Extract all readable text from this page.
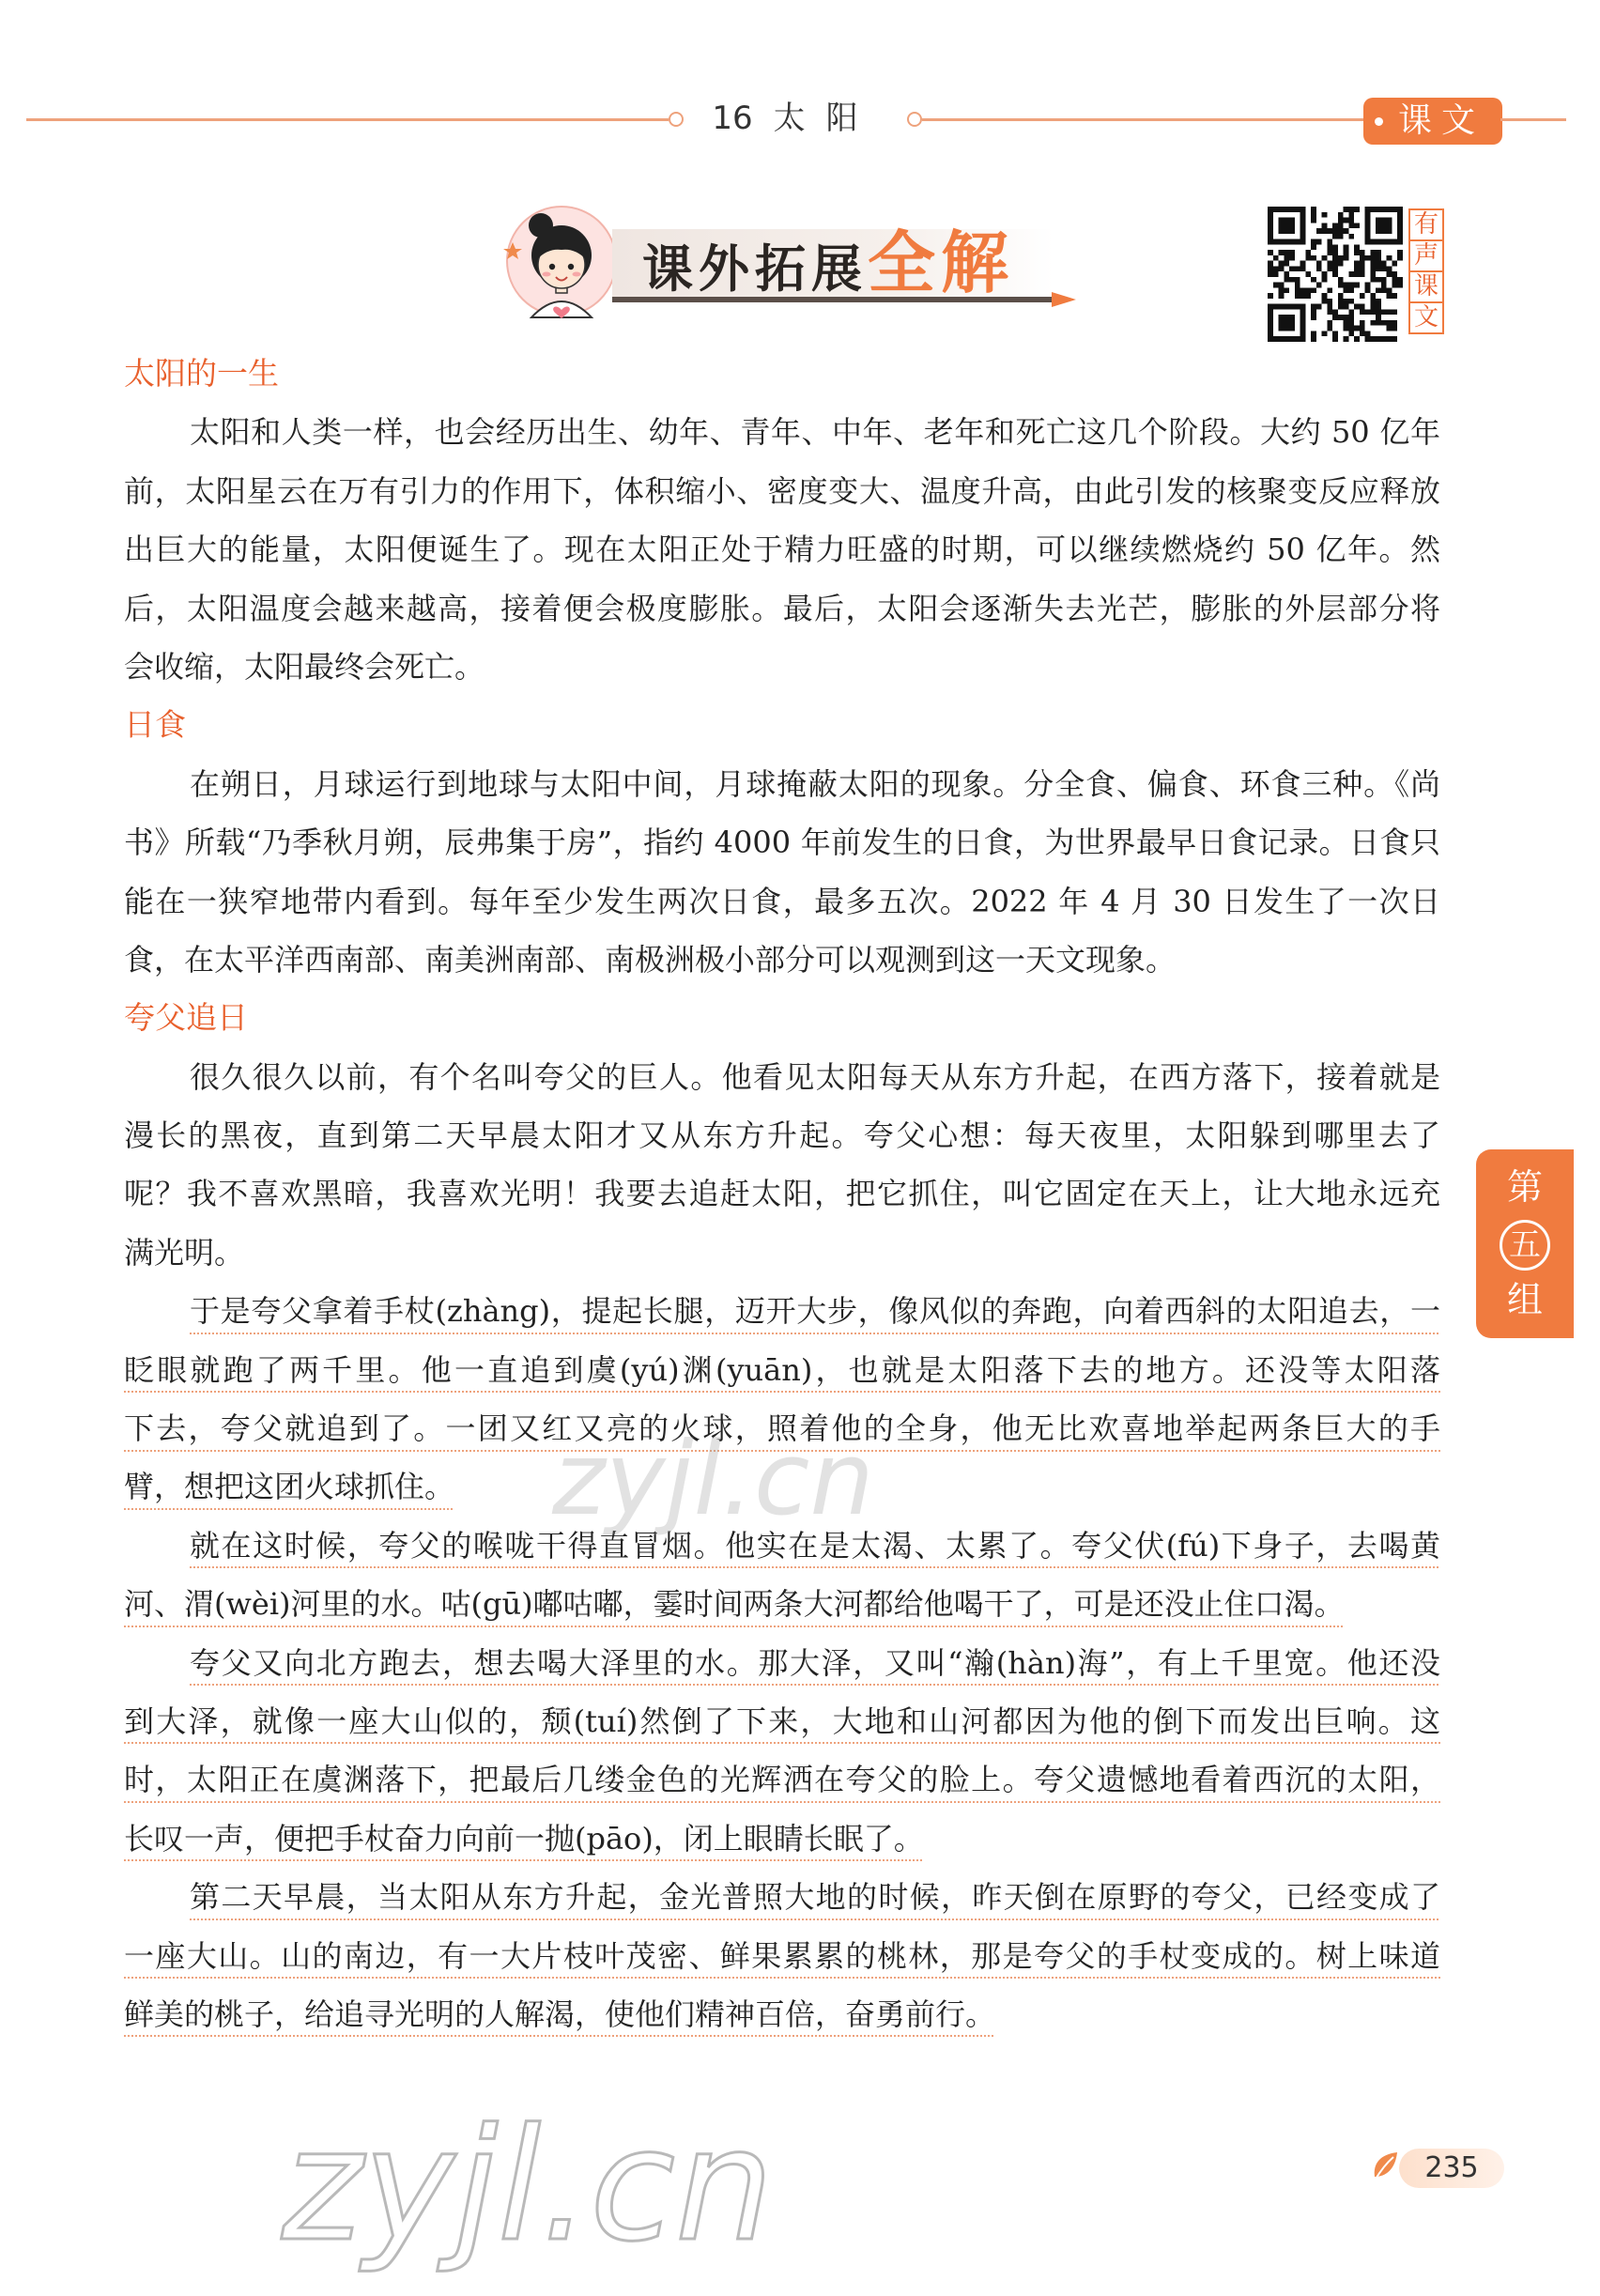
16 太阳	课文
课外拓展全解	有
声
课
文
太阳的一生
太阳和人类一样，也会经历出生、幼年、青年、中年、老年和死亡这几个阶段。大约 50 亿年
前，太阳星云在万有引力的作用下，体积缩小、密度变大、温度升高，由此引发的核聚变反应释放
出巨大的能量，太阳便诞生了。现在太阳正处于精力旺盛的时期，可以继续燃烧约 50 亿年。然
后，太阳温度会越来越高，接着便会极度膨胀。最后，太阳会逐渐失去光芒，膨胀的外层部分将
会收缩，太阳最终会死亡。
日食
在朔日，月球运行到地球与太阳中间，月球掩蔽太阳的现象。分全食、偏食、环食三种。《尚
书》所载“乃季秋月朔，辰弗集于房”，指约 4000 年前发生的日食，为世界最早日食记录。日食只
能在一狭窄地带内看到。每年至少发生两次日食，最多五次。2022 年 4 月 30 日发生了一次日
食，在太平洋西南部、南美洲南部、南极洲极小部分可以观测到这一天文现象。
夸父追日
很久很久以前，有个名叫夸父的巨人。他看见太阳每天从东方升起，在西方落下，接着就是
漫长的黑夜，直到第二天早晨太阳才又从东方升起。夸父心想：每天夜里，太阳躲到哪里去了
呢？我不喜欢黑暗，我喜欢光明！我要去追赶太阳，把它抓住，叫它固定在天上，让大地永远充
满光明。
于是夸父拿着手杖(zhàng)，提起长腿，迈开大步，像风似的奔跑，向着西斜的太阳追去，一
眨眼就跑了两千里。他一直追到虞(yú)渊(yuān)，也就是太阳落下去的地方。还没等太阳落
下去，夸父就追到了。一团又红又亮的火球，照着他的全身，他无比欢喜地举起两条巨大的手
臂，想把这团火球抓住。
就在这时候，夸父的喉咙干得直冒烟。他实在是太渴、太累了。夸父伏(fú)下身子，去喝黄
河、渭(wèi)河里的水。咕(gū)嘟咕嘟，霎时间两条大河都给他喝干了，可是还没止住口渴。
夸父又向北方跑去，想去喝大泽里的水。那大泽，又叫“瀚(hàn)海”，有上千里宽。他还没
到大泽，就像一座大山似的，颓(tuí)然倒了下来，大地和山河都因为他的倒下而发出巨响。这
时，太阳正在虞渊落下，把最后几缕金色的光辉洒在夸父的脸上。夸父遗憾地看着西沉的太阳，
长叹一声，便把手杖奋力向前一抛(pāo)，闭上眼睛长眠了。
第二天早晨，当太阳从东方升起，金光普照大地的时候，昨天倒在原野的夸父，已经变成了
一座大山。山的南边，有一大片枝叶茂密、鲜果累累的桃林，那是夸父的手杖变成的。树上味道
鲜美的桃子，给追寻光明的人解渴，使他们精神百倍，奋勇前行。
zyjl.cn
第
五
组
235
zyjl.cn
